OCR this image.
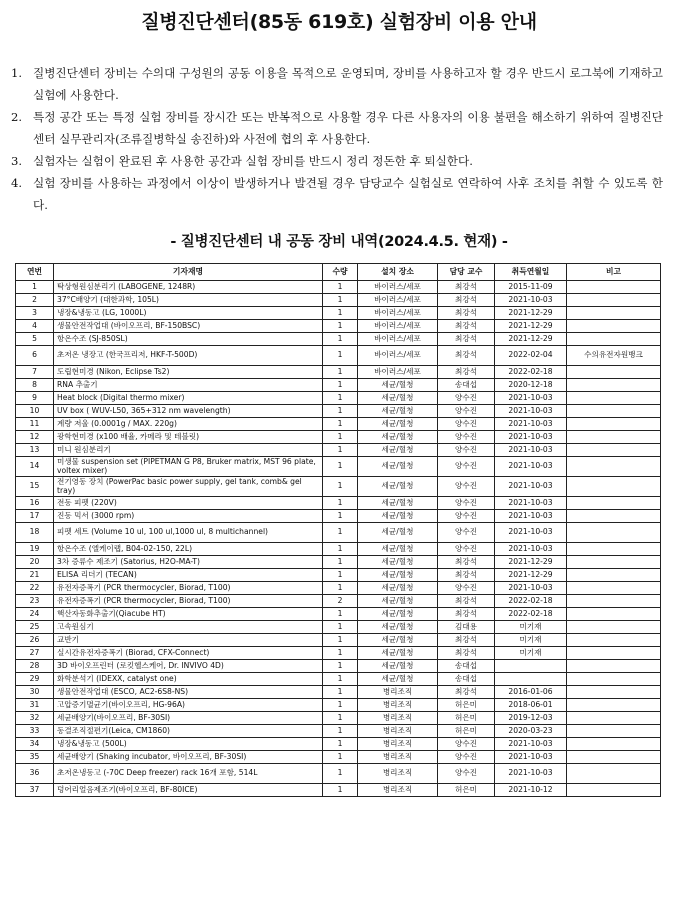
질병진단센터(85동 619호) 실험장비 이용 안내
1. 질병진단센터 장비는 수의대 구성원의 공동 이용을 목적으로 운영되며, 장비를 사용하고자 할 경우 반드시 로그북에 기재하고 실험에 사용한다.
2. 특정 공간 또는 특정 실험 장비를 장시간 또는 반복적으로 사용할 경우 다른 사용자의 이용 불편을 해소하기 위하여 질병진단센터 실무관리자(조류질병학실 송진하)와 사전에 협의 후 사용한다.
3. 실험자는 실험이 완료된 후 사용한 공간과 실험 장비를 반드시 정리 정돈한 후 퇴실한다.
4. 실험 장비를 사용하는 과정에서 이상이 발생하거나 발견될 경우 담당교수 실험실로 연락하여 사후 조치를 취할 수 있도록 한다.
- 질병진단센터 내 공동 장비 내역(2024.4.5. 현재) -
연번	기자재명	수량	설치 장소	담당 교수	취득연월일	비고
1	탁상형원심분리기 (LABOGENE, 1248R)	1	바이러스/세포	최강석	2015-11-09	
2	37°C배양기 (대한과학, 105L)	1	바이러스/세포	최강석	2021-10-03	
3	냉장&냉동고 (LG, 1000L)	1	바이러스/세포	최강석	2021-12-29	
4	생물안전작업대 (바이오프리, BF-150BSC)	1	바이러스/세포	최강석	2021-12-29	
5	항온수조 (SJ-850SL)	1	바이러스/세포	최강석	2021-12-29	
6	초저온 냉장고 (한국프리저, HKF-T-500D)	1	바이러스/세포	최강석	2022-02-04	수의유전자원뱅크
7	도립현미경 (Nikon, Eclipse Ts2)	1	바이러스/세포	최강석	2022-02-18	
8	RNA 추출기	1	세균/혈청	송대섭	2020-12-18	
9	Heat block (Digital thermo mixer)	1	세균/혈청	양수진	2021-10-03	
10	UV box ( WUV-L50, 365+312 nm wavelength)	1	세균/혈청	양수진	2021-10-03	
11	계량 저울 (0.0001g / MAX. 220g)	1	세균/혈청	양수진	2021-10-03	
12	광학현미경 (x100 배율, 카메라 및 테블릿)	1	세균/혈청	양수진	2021-10-03	
13	미니 원심분리기	1	세균/혈청	양수진	2021-10-03	
14	미생물 suspension set (PIPETMAN G P8, Bruker matrix, MST 96 plate, voltex mixer)	1	세균/혈청	양수진	2021-10-03	
15	전기영동 장치 (PowerPac basic power supply, gel tank, comb& gel tray)	1	세균/혈청	양수진	2021-10-03	
16	전동 피펫 (220V)	1	세균/혈청	양수진	2021-10-03	
17	진동 믹서 (3000 rpm)	1	세균/혈청	양수진	2021-10-03	
18	피펫 세트 (Volume 10 ul, 100 ul,1000 ul, 8 multichannel)	1	세균/혈청	양수진	2021-10-03	
19	항온수조 (엘케이랩, B04-02-150, 22L)	1	세균/혈청	양수진	2021-10-03	
20	3차 증류수 제조기 (Satorius, H2O-MA-T)	1	세균/혈청	최강석	2021-12-29	
21	ELISA 리더기 (TECAN)	1	세균/혈청	최강석	2021-12-29	
22	유전자증폭기 (PCR thermocycler, Biorad, T100)	1	세균/혈청	양수진	2021-10-03	
23	유전자증폭기 (PCR thermocycler, Biorad, T100)	2	세균/혈청	최강석	2022-02-18	
24	핵산자동화추출기(Qiacube HT)	1	세균/혈청	최강석	2022-02-18	
25	고속원심기	1	세균/혈청	김대용	미기재	
26	교반기	1	세균/혈청	최강석	미기재	
27	실시간유전자증폭기 (Biorad, CFX-Connect)	1	세균/혈청	최강석	미기재	
28	3D 바이오프린터 (로킷헬스케어, Dr. INVIVO 4D)	1	세균/혈청	송대섭		
29	화학분석기 (IDEXX, catalyst one)	1	세균/혈청	송대섭		
30	생물안전작업대 (ESCO, AC2-6S8-NS)	1	병리조직	최강석	2016-01-06	
31	고압증기멸균기(바이오프리, HG-96A)	1	병리조직	허은미	2018-06-01	
32	세균배양기(바이오프리, BF-30SI)	1	병리조직	허은미	2019-12-03	
33	동결조직절편기(Leica, CM1860)	1	병리조직	허은미	2020-03-23	
34	냉장&냉동고 (500L)	1	병리조직	양수진	2021-10-03	
35	세균배양기 (Shaking incubator, 바이오프리, BF-30SI)	1	병리조직	양수진	2021-10-03	
36	초저온냉동고 (-70C Deep freezer) rack 16개 포함, 514L	1	병리조직	양수진	2021-10-03	
37	덩어리얼음제조기(바이오프리, BF-80ICE)	1	병리조직	허은미	2021-10-12	
